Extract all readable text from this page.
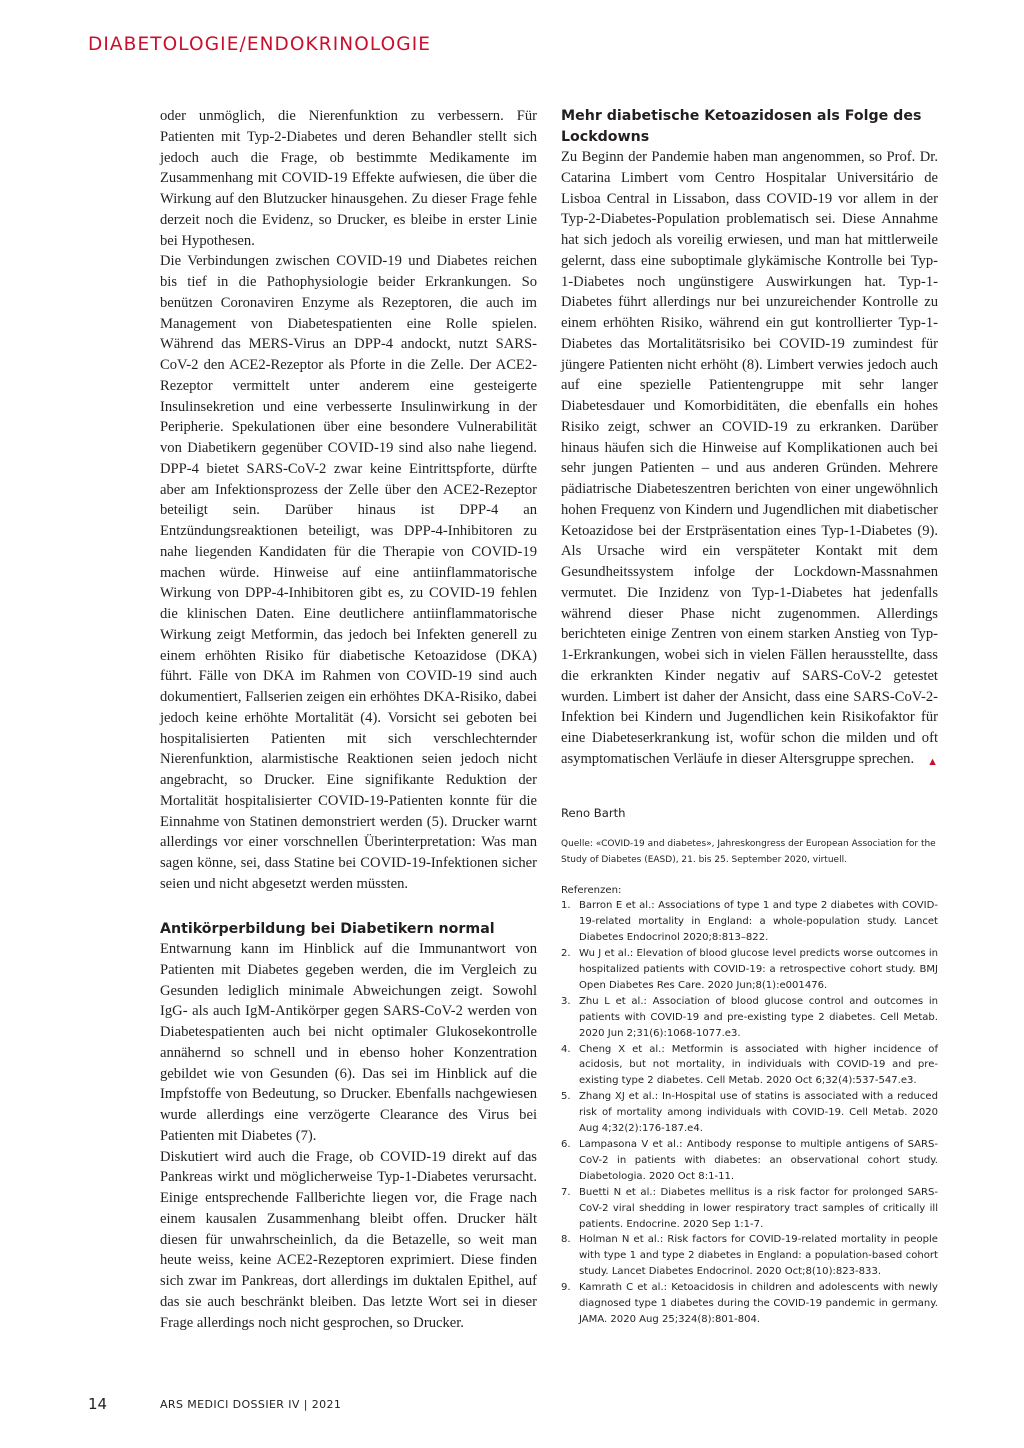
DIABETOLOGIE/ENDOKRINOLOGIE

oder unmöglich, die Nierenfunktion zu verbessern. Für Patienten mit Typ-2-Diabetes und deren Behandler stellt sich jedoch auch die Frage, ob bestimmte Medikamente im Zusammenhang mit COVID-19 Effekte aufwiesen, die über die Wirkung auf den Blutzucker hinausgehen. Zu dieser Frage fehle derzeit noch die Evidenz, so Drucker, es bleibe in erster Linie bei Hypothesen.

Die Verbindungen zwischen COVID-19 und Diabetes reichen bis tief in die Pathophysiologie beider Erkrankungen. So benützen Coronaviren Enzyme als Rezeptoren, die auch im Management von Diabetespatienten eine Rolle spielen. Während das MERS-Virus an DPP-4 andockt, nutzt SARS-CoV-2 den ACE2-Rezeptor als Pforte in die Zelle. Der ACE2-Rezeptor vermittelt unter anderem eine gesteigerte Insulinsekretion und eine verbesserte Insulinwirkung in der Peripherie. Spekulationen über eine besondere Vulnerabilität von Diabetikern gegenüber COVID-19 sind also nahe liegend. DPP-4 bietet SARS-CoV-2 zwar keine Eintrittspforte, dürfte aber am Infektionsprozess der Zelle über den ACE2-Rezeptor beteiligt sein. Darüber hinaus ist DPP-4 an Entzündungsreaktionen beteiligt, was DPP-4-Inhibitoren zu nahe liegenden Kandidaten für die Therapie von COVID-19 machen würde. Hinweise auf eine antiinflammatorische Wirkung von DPP-4-Inhibitoren gibt es, zu COVID-19 fehlen die klinischen Daten. Eine deutlichere antiinflammatorische Wirkung zeigt Metformin, das jedoch bei Infekten generell zu einem erhöhten Risiko für diabetische Ketoazidose (DKA) führt. Fälle von DKA im Rahmen von COVID-19 sind auch dokumentiert, Fallserien zeigen ein erhöhtes DKA-Risiko, dabei jedoch keine erhöhte Mortalität (4). Vorsicht sei geboten bei hospitalisierten Patienten mit sich verschlechternder Nierenfunktion, alarmistische Reaktionen seien jedoch nicht angebracht, so Drucker. Eine signifikante Reduktion der Mortalität hospitalisierter COVID-19-Patienten konnte für die Einnahme von Statinen demonstriert werden (5). Drucker warnt allerdings vor einer vorschnellen Überinterpretation: Was man sagen könne, sei, dass Statine bei COVID-19-Infektionen sicher seien und nicht abgesetzt werden müssten.

Antikörperbildung bei Diabetikern normal

Entwarnung kann im Hinblick auf die Immunantwort von Patienten mit Diabetes gegeben werden, die im Vergleich zu Gesunden lediglich minimale Abweichungen zeigt. Sowohl IgG- als auch IgM-Antikörper gegen SARS-CoV-2 werden von Diabetespatienten auch bei nicht optimaler Glukosekontrolle annähernd so schnell und in ebenso hoher Konzentration gebildet wie von Gesunden (6). Das sei im Hinblick auf die Impfstoffe von Bedeutung, so Drucker. Ebenfalls nachgewiesen wurde allerdings eine verzögerte Clearance des Virus bei Patienten mit Diabetes (7).

Diskutiert wird auch die Frage, ob COVID-19 direkt auf das Pankreas wirkt und möglicherweise Typ-1-Diabetes verursacht. Einige entsprechende Fallberichte liegen vor, die Frage nach einem kausalen Zusammenhang bleibt offen. Drucker hält diesen für unwahrscheinlich, da die Betazelle, so weit man heute weiss, keine ACE2-Rezeptoren exprimiert. Diese finden sich zwar im Pankreas, dort allerdings im duktalen Epithel, auf das sie auch beschränkt bleiben. Das letzte Wort sei in dieser Frage allerdings noch nicht gesprochen, so Drucker.

Mehr diabetische Ketoazidosen als Folge des Lockdowns

Zu Beginn der Pandemie haben man angenommen, so Prof. Dr. Catarina Limbert vom Centro Hospitalar Universitário de Lisboa Central in Lissabon, dass COVID-19 vor allem in der Typ-2-Diabetes-Population problematisch sei. Diese Annahme hat sich jedoch als voreilig erwiesen, und man hat mittlerweile gelernt, dass eine suboptimale glykämische Kontrolle bei Typ-1-Diabetes noch ungünstigere Auswirkungen hat. Typ-1-Diabetes führt allerdings nur bei unzureichender Kontrolle zu einem erhöhten Risiko, während ein gut kontrollierter Typ-1-Diabetes das Mortalitätsrisiko bei COVID-19 zumindest für jüngere Patienten nicht erhöht (8). Limbert verwies jedoch auch auf eine spezielle Patientengruppe mit sehr langer Diabetesdauer und Komorbiditäten, die ebenfalls ein hohes Risiko zeigt, schwer an COVID-19 zu erkranken. Darüber hinaus häufen sich die Hinweise auf Komplikationen auch bei sehr jungen Patienten – und aus anderen Gründen. Mehrere pädiatrische Diabeteszentren berichten von einer ungewöhnlich hohen Frequenz von Kindern und Jugendlichen mit diabetischer Ketoazidose bei der Erstpräsentation eines Typ-1-Diabetes (9). Als Ursache wird ein verspäteter Kontakt mit dem Gesundheitssystem infolge der Lockdown-Massnahmen vermutet. Die Inzidenz von Typ-1-Diabetes hat jedenfalls während dieser Phase nicht zugenommen. Allerdings berichteten einige Zentren von einem starken Anstieg von Typ-1-Erkrankungen, wobei sich in vielen Fällen herausstellte, dass die erkrankten Kinder negativ auf SARS-CoV-2 getestet wurden. Limbert ist daher der Ansicht, dass eine SARS-CoV-2-Infektion bei Kindern und Jugendlichen kein Risikofaktor für eine Diabeteserkrankung ist, wofür schon die milden und oft asymptomatischen Verläufe in dieser Altersgruppe sprechen. ▲

Reno Barth

Quelle: «COVID-19 and diabetes», Jahreskongress der European Association for the Study of Diabetes (EASD), 21. bis 25. September 2020, virtuell.

Referenzen:

1. Barron E et al.: Associations of type 1 and type 2 diabetes with COVID-19-related mortality in England: a whole-population study. Lancet Diabetes Endocrinol 2020;8:813–822.
2. Wu J et al.: Elevation of blood glucose level predicts worse outcomes in hospitalized patients with COVID-19: a retrospective cohort study. BMJ Open Diabetes Res Care. 2020 Jun;8(1):e001476.
3. Zhu L et al.: Association of blood glucose control and outcomes in patients with COVID-19 and pre-existing type 2 diabetes. Cell Metab. 2020 Jun 2;31(6):1068-1077.e3.
4. Cheng X et al.: Metformin is associated with higher incidence of acidosis, but not mortality, in individuals with COVID-19 and pre-existing type 2 diabetes. Cell Metab. 2020 Oct 6;32(4):537-547.e3.
5. Zhang XJ et al.: In-Hospital use of statins is associated with a reduced risk of mortality among individuals with COVID-19. Cell Metab. 2020 Aug 4;32(2):176-187.e4.
6. Lampasona V et al.: Antibody response to multiple antigens of SARS-CoV-2 in patients with diabetes: an observational cohort study. Diabetologia. 2020 Oct 8:1-11.
7. Buetti N et al.: Diabetes mellitus is a risk factor for prolonged SARS-CoV-2 viral shedding in lower respiratory tract samples of critically ill patients. Endocrine. 2020 Sep 1:1-7.
8. Holman N et al.: Risk factors for COVID-19-related mortality in people with type 1 and type 2 diabetes in England: a population-based cohort study. Lancet Diabetes Endocrinol. 2020 Oct;8(10):823-833.
9. Kamrath C et al.: Ketoacidosis in children and adolescents with newly diagnosed type 1 diabetes during the COVID-19 pandemic in germany. JAMA. 2020 Aug 25;324(8):801-804.
14	ARS MEDICI DOSSIER IV | 2021
